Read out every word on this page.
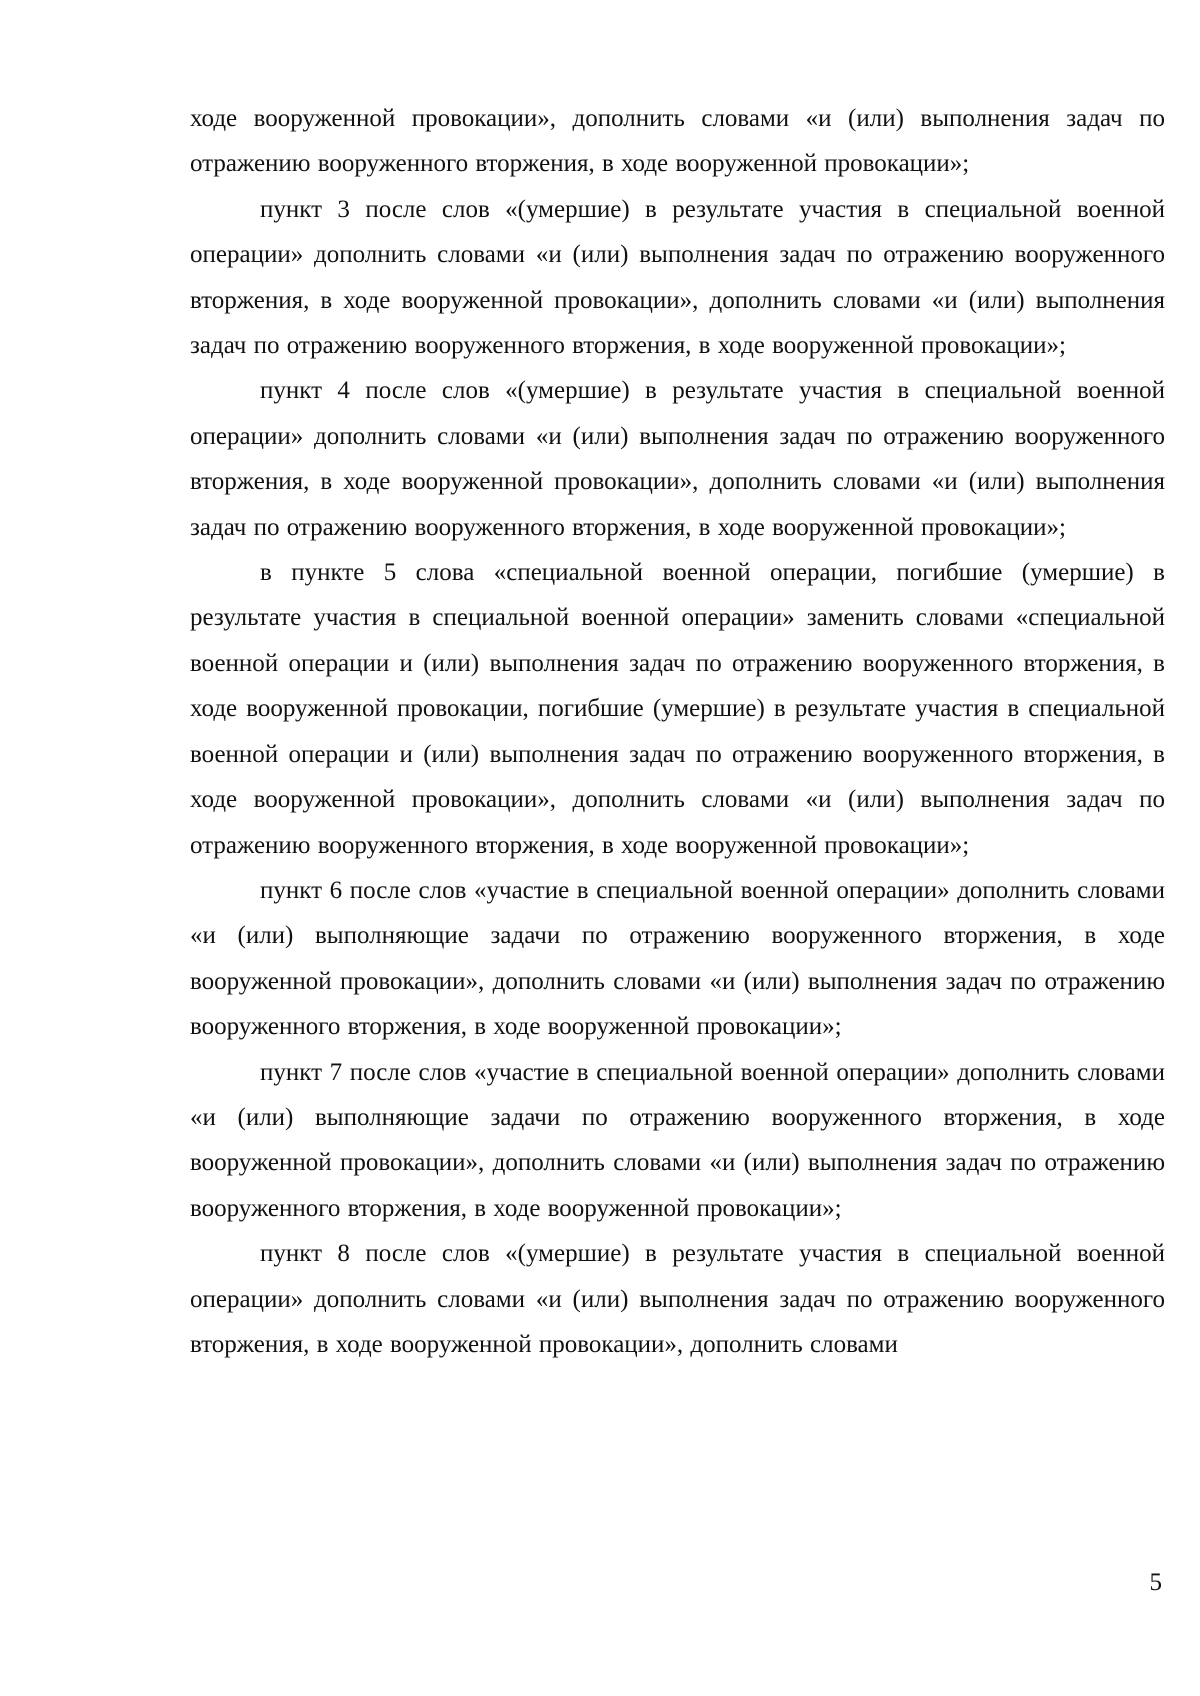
ходе вооруженной провокации», дополнить словами «и (или) выполнения задач по отражению вооруженного вторжения, в ходе вооруженной провокации»;

пункт 3 после слов «(умершие) в результате участия в специальной военной операции» дополнить словами «и (или) выполнения задач по отражению вооруженного вторжения, в ходе вооруженной провокации», дополнить словами «и (или) выполнения задач по отражению вооруженного вторжения, в ходе вооруженной провокации»;

пункт 4 после слов «(умершие) в результате участия в специальной военной операции» дополнить словами «и (или) выполнения задач по отражению вооруженного вторжения, в ходе вооруженной провокации», дополнить словами «и (или) выполнения задач по отражению вооруженного вторжения, в ходе вооруженной провокации»;

в пункте 5 слова «специальной военной операции, погибшие (умершие) в результате участия в специальной военной операции» заменить словами «специальной военной операции и (или) выполнения задач по отражению вооруженного вторжения, в ходе вооруженной провокации, погибшие (умершие) в результате участия в специальной военной операции и (или) выполнения задач по отражению вооруженного вторжения, в ходе вооруженной провокации», дополнить словами «и (или) выполнения задач по отражению вооруженного вторжения, в ходе вооруженной провокации»;

пункт 6 после слов «участие в специальной военной операции» дополнить словами «и (или) выполняющие задачи по отражению вооруженного вторжения, в ходе вооруженной провокации», дополнить словами «и (или) выполнения задач по отражению вооруженного вторжения, в ходе вооруженной провокации»;

пункт 7 после слов «участие в специальной военной операции» дополнить словами «и (или) выполняющие задачи по отражению вооруженного вторжения, в ходе вооруженной провокации», дополнить словами «и (или) выполнения задач по отражению вооруженного вторжения, в ходе вооруженной провокации»;

пункт 8 после слов «(умершие) в результате участия в специальной военной операции» дополнить словами «и (или) выполнения задач по отражению вооруженного вторжения, в ходе вооруженной провокации», дополнить словами

5
